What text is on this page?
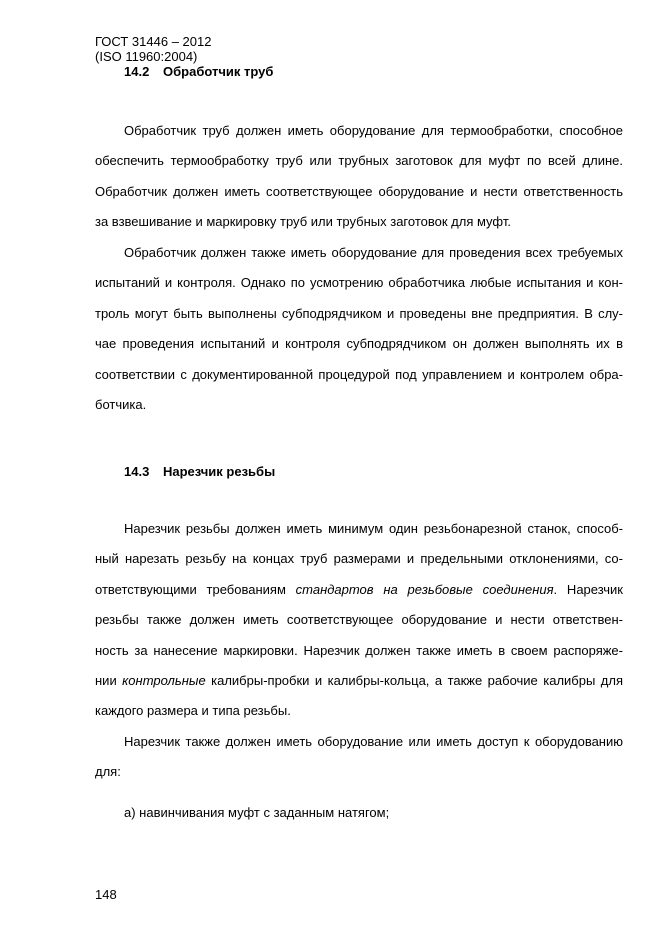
ГОСТ 31446 – 2012
(ISO 11960:2004)
14.2 Обработчик труб
Обработчик труб должен иметь оборудование для термообработки, способное
обеспечить термообработку труб или трубных заготовок для муфт по всей длине.
Обработчик должен иметь соответствующее оборудование и нести ответственность
за взвешивание и маркировку труб или трубных заготовок для муфт.
Обработчик должен также иметь оборудование для проведения всех требуемых
испытаний и контроля. Однако по усмотрению обработчика любые испытания и кон-
троль могут быть выполнены субподрядчиком и проведены вне предприятия. В слу-
чае проведения испытаний и контроля субподрядчиком он должен выполнять их в
соответствии с документированной процедурой под управлением и контролем обра-
ботчика.
14.3 Нарезчик резьбы
Нарезчик резьбы должен иметь минимум один резьбонарезной станок, способ-
ный нарезать резьбу на концах труб размерами и предельными отклонениями, со-
ответствующими требованиям стандартов на резьбовые соединения. Нарезчик
резьбы также должен иметь соответствующее оборудование и нести ответствен-
ность за нанесение маркировки. Нарезчик должен также иметь в своем распоряже-
нии контрольные калибры-пробки и калибры-кольца, а также рабочие калибры для
каждого размера и типа резьбы.
Нарезчик также должен иметь оборудование или иметь доступ к оборудованию
для:
а) навинчивания муфт с заданным натягом;
148
